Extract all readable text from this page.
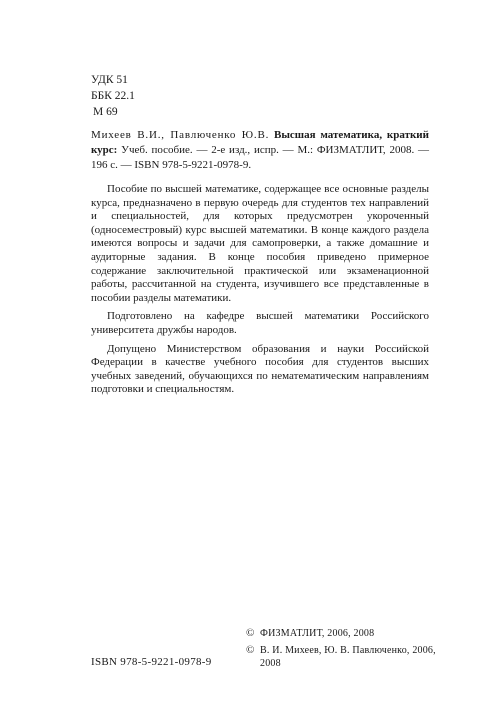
УДК 51
ББК 22.1
М 69
Михеев В.И., Павлюченко Ю.В. Высшая математика, краткий курс: Учеб. пособие. — 2-е изд., испр. — М.: ФИЗМАТЛИТ, 2008. — 196 с. — ISBN 978-5-9221-0978-9.

Пособие по высшей математике, содержащее все основные разделы курса, предназначено в первую очередь для студентов тех направлений и специальностей, для которых предусмотрен укороченный (односеместровый) курс высшей математики. В конце каждого раздела имеются вопросы и задачи для самопроверки, а также домашние и аудиторные задания. В конце пособия приведено примерное содержание заключительной практической или экзаменационной работы, рассчитанной на студента, изучившего все представленные в пособии разделы математики.

Подготовлено на кафедре высшей математики Российского университета дружбы народов.

Допущено Министерством образования и науки Российской Федерации в качестве учебного пособия для студентов высших учебных заведений, обучающихся по нематематическим направлениям подготовки и специальностям.

ISBN 978-5-9221-0978-9
© ФИЗМАТЛИТ, 2006, 2008
© В. И. Михеев, Ю. В. Павлюченко, 2006, 2008
